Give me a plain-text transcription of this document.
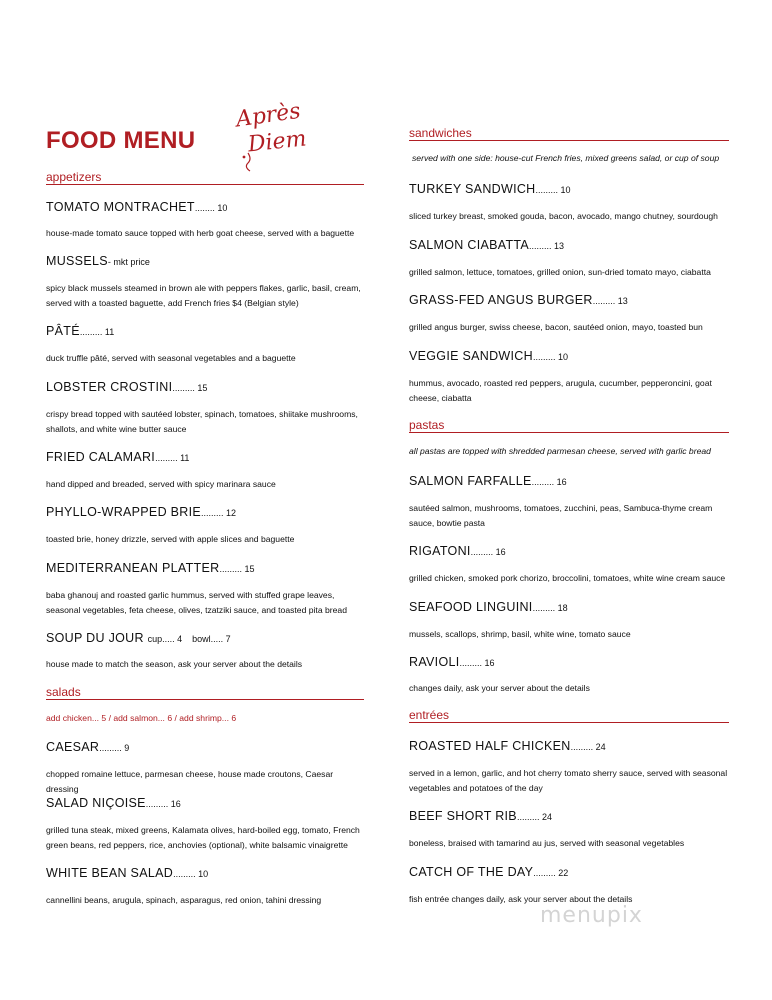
FOOD MENU
appetizers
TOMATO MONTRACHET........ 10
house-made tomato sauce topped with herb goat cheese, served with a baguette
MUSSELS- mkt price
spicy black mussels steamed in brown ale with peppers flakes, garlic, basil, cream, served with a toasted baguette, add French fries $4 (Belgian style)
PÂTÉ......... 11
duck truffle pâté, served with seasonal vegetables and a baguette
LOBSTER CROSTINI......... 15
crispy bread topped with sautéed lobster, spinach, tomatoes, shiitake mushrooms, shallots, and white wine butter sauce
FRIED CALAMARI......... 11
hand dipped and breaded, served with spicy marinara sauce
PHYLLO-WRAPPED BRIE......... 12
toasted brie, honey drizzle, served with apple slices and baguette
MEDITERRANEAN PLATTER......... 15
baba ghanouj and roasted garlic hummus, served with stuffed grape leaves, seasonal vegetables, feta cheese, olives, tzatziki sauce, and toasted pita bread
SOUP DU JOUR cup..... 4    bowl..... 7
house made to match the season, ask your server about the details
salads
add chicken... 5 / add salmon... 6 / add shrimp... 6
CAESAR......... 9
chopped romaine lettuce, parmesan cheese, house made croutons, Caesar dressing
SALAD NIÇOISE......... 16
grilled tuna steak, mixed greens, Kalamata olives, hard-boiled egg, tomato, French green beans, red peppers, rice, anchovies (optional), white balsamic vinaigrette
WHITE BEAN SALAD......... 10
cannellini beans, arugula, spinach, asparagus, red onion, tahini dressing
Après
Diem	sandwiches
served with one side: house-cut French fries, mixed greens salad, or cup of soup
TURKEY SANDWICH......... 10
sliced turkey breast, smoked gouda, bacon, avocado, mango chutney, sourdough
SALMON CIABATTA......... 13
grilled salmon, lettuce, tomatoes, grilled onion, sun-dried tomato mayo, ciabatta
GRASS-FED ANGUS BURGER......... 13
grilled angus burger, swiss cheese, bacon, sautéed onion, mayo, toasted bun
VEGGIE SANDWICH......... 10
hummus, avocado, roasted red peppers, arugula, cucumber, pepperoncini, goat cheese, ciabatta
pastas
all pastas are topped with shredded parmesan cheese, served with garlic bread
SALMON FARFALLE......... 16
sautéed salmon, mushrooms, tomatoes, zucchini, peas, Sambuca-thyme cream sauce, bowtie pasta
RIGATONI......... 16
grilled chicken, smoked pork chorizo, broccolini, tomatoes, white wine cream sauce
SEAFOOD LINGUINI......... 18
mussels, scallops, shrimp, basil, white wine, tomato sauce
RAVIOLI......... 16
changes daily, ask your server about the details
entrées
ROASTED HALF CHICKEN......... 24
served in a lemon, garlic, and hot cherry tomato sherry sauce, served with seasonal vegetables and potatoes of the day
BEEF SHORT RIB......... 24
boneless, braised with tamarind au jus, served with seasonal vegetables
CATCH OF THE DAY......... 22
fish entrée changes daily, ask your server about the details
menupix
